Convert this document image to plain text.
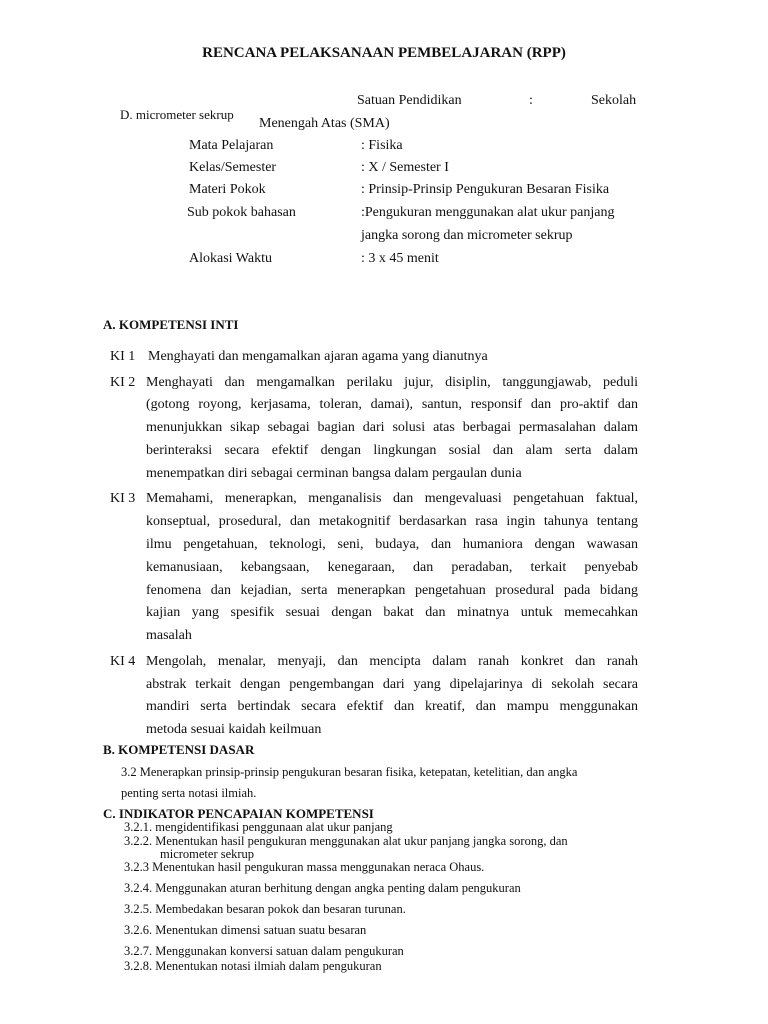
RENCANA PELAKSANAAN PEMBELAJARAN (RPP)
D. micrometer sekrup
Satuan Pendidikan	:	Sekolah
Menengah Atas (SMA)
Mata Pelajaran	: Fisika
Kelas/Semester	: X / Semester I
Materi Pokok	: Prinsip-Prinsip Pengukuran Besaran Fisika
Sub pokok bahasan	:Pengukuran menggunakan alat ukur panjang
jangka sorong dan micrometer sekrup
Alokasi Waktu	: 3 x 45 menit
A. KOMPETENSI INTI
KI 1 Menghayati dan mengamalkan ajaran agama yang dianutnya
KI 2 Menghayati dan mengamalkan perilaku jujur, disiplin, tanggungjawab, peduli
(gotong royong, kerjasama, toleran, damai), santun, responsif dan pro-aktif dan
menunjukkan sikap sebagai bagian dari solusi atas berbagai permasalahan dalam
berinteraksi secara efektif dengan lingkungan sosial dan alam serta dalam
menempatkan diri sebagai cerminan bangsa dalam pergaulan dunia
KI 3 Memahami, menerapkan, menganalisis dan mengevaluasi pengetahuan faktual,
konseptual, prosedural, dan metakognitif berdasarkan rasa ingin tahunya tentang
ilmu pengetahuan, teknologi, seni, budaya, dan humaniora dengan wawasan
kemanusiaan, kebangsaan, kenegaraan, dan peradaban, terkait penyebab
fenomena dan kejadian, serta menerapkan pengetahuan prosedural pada bidang
kajian yang spesifik sesuai dengan bakat dan minatnya untuk memecahkan
masalah
KI 4 Mengolah, menalar, menyaji, dan mencipta dalam ranah konkret dan ranah
abstrak terkait dengan pengembangan dari yang dipelajarinya di sekolah secara
mandiri serta bertindak secara efektif dan kreatif, dan mampu menggunakan
metoda sesuai kaidah keilmuan
B. KOMPETENSI DASAR
3.2 Menerapkan prinsip-prinsip pengukuran besaran fisika, ketepatan, ketelitian, dan angka
penting serta notasi ilmiah.
C. INDIKATOR PENCAPAIAN KOMPETENSI
3.2.1. mengidentifikasi penggunaan alat ukur panjang
3.2.2. Menentukan hasil pengukuran menggunakan alat ukur panjang jangka sorong, dan
micrometer sekrup
3.2.3 Menentukan hasil pengukuran massa menggunakan neraca Ohaus.
3.2.4. Menggunakan aturan berhitung dengan angka penting dalam pengukuran
3.2.5. Membedakan besaran pokok dan besaran turunan.
3.2.6. Menentukan dimensi satuan suatu besaran
3.2.7. Menggunakan konversi satuan dalam pengukuran
3.2.8. Menentukan notasi ilmiah dalam pengukuran
